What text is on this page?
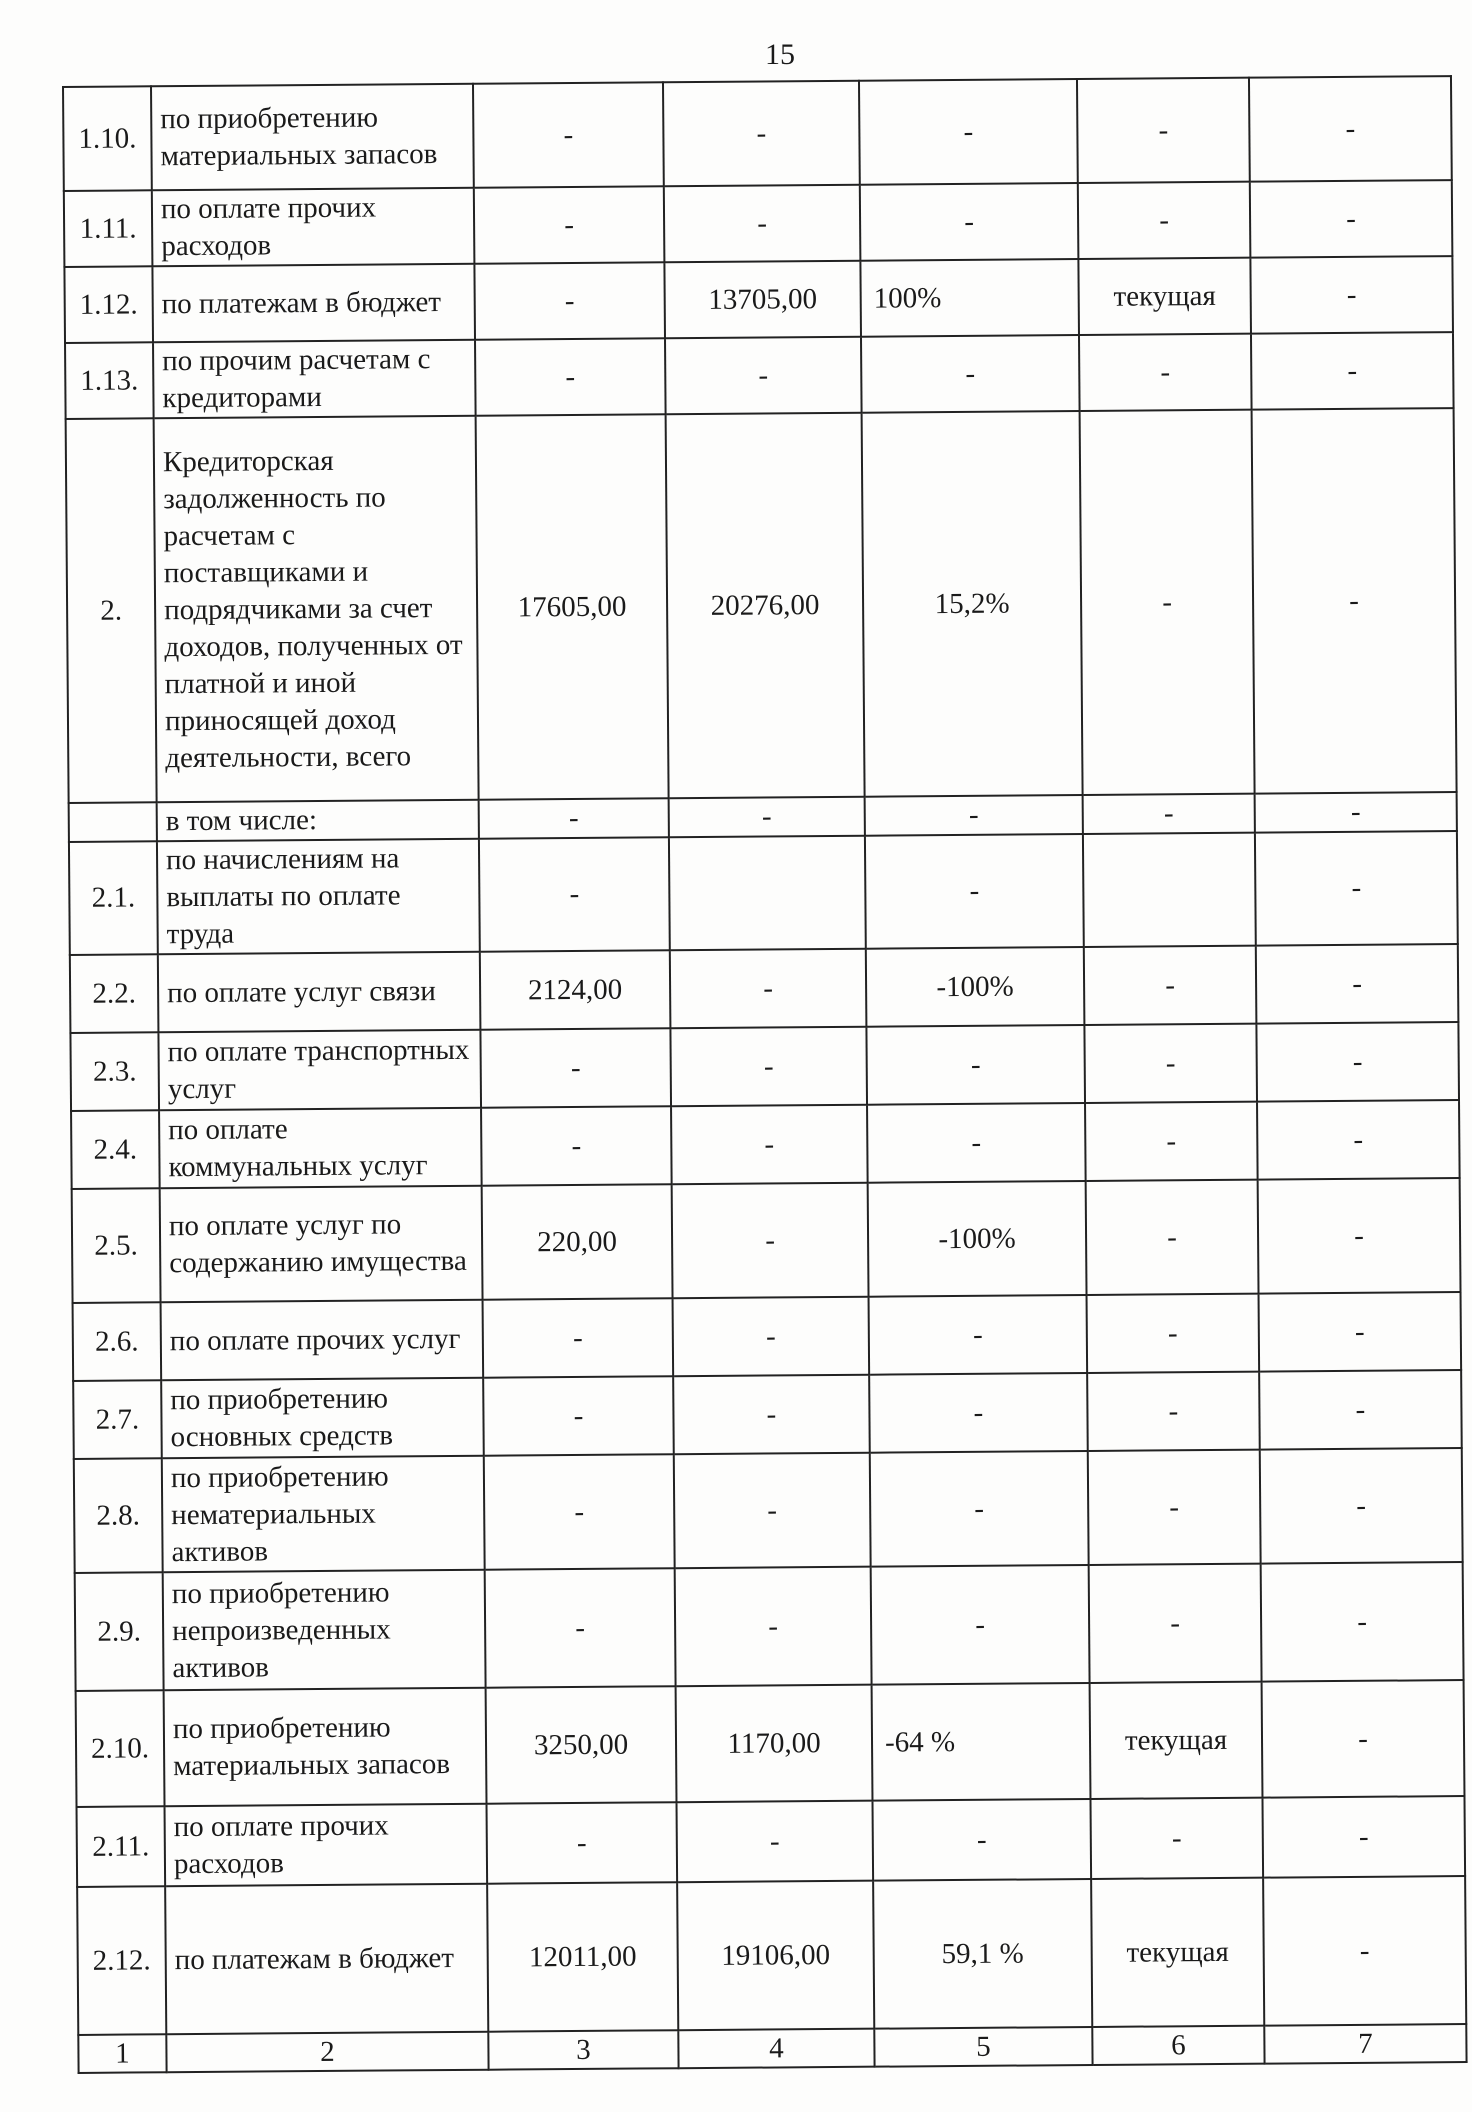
15
1.10.	по приобретению материальных запасов	-	-	-	-	-
1.11.	по оплате прочих расходов	-	-	-	-	-
1.12.	по платежам в бюджет	-	13705,00	100%	текущая	-
1.13.	по прочим расчетам с кредиторами	-	-	-	-	-
2.	Кредиторская задолженность по расчетам с поставщиками и подрядчиками за счет доходов, полученных от платной и иной приносящей доход деятельности, всего	17605,00	20276,00	15,2%	-	-
	в том числе:	-	-	-	-	-
2.1.	по начислениям на выплаты по оплате труда	-		-		-
2.2.	по оплате услуг связи	2124,00	-	-100%	-	-
2.3.	по оплате транспортных услуг	-	-	-	-	-
2.4.	по оплате коммунальных услуг	-	-	-	-	-
2.5.	по оплате услуг по содержанию имущества	220,00	-	-100%	-	-
2.6.	по оплате прочих услуг	-	-	-	-	-
2.7.	по приобретению основных средств	-	-	-	-	-
2.8.	по приобретению нематериальных активов	-	-	-	-	-
2.9.	по приобретению непроизведенных активов	-	-	-	-	-
2.10.	по приобретению материальных запасов	3250,00	1170,00	-64 %	текущая	-
2.11.	по оплате прочих расходов	-	-	-	-	-
2.12.	по платежам в бюджет	12011,00	19106,00	59,1 %	текущая	-
1	2	3	4	5	6	7
